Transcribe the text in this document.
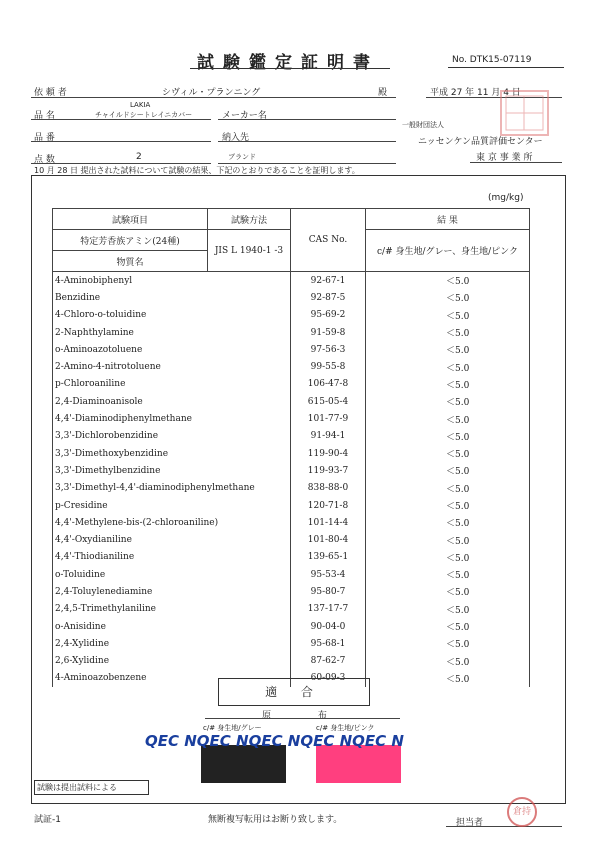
試験鑑定証明書	No. DTK15-07119
依 頼 者	シヴィル・プランニング	殿	平成 27 年 11 月 4 日
品 名
LAKIA
チャイルドシートレイニカバー	メーカー名
品 番	納入先
点 数	2	ブランド
一般財団法人
ニッセンケン品質評価センター
東 京 事 業 所
10 月 28 日 提出された試料について試験の結果、下記のとおりであることを証明します。
(mg/kg)
試験項目	試験方法	CAS No.	結 果
特定芳香族アミン(24種)	JIS L 1940-1 -3		c/# 身生地/グレー、身生地/ピンク
物質名			
4-Aminobiphenyl		92-67-1	＜5.0
Benzidine		92-87-5	＜5.0
4-Chloro-o-toluidine		95-69-2	＜5.0
2-Naphthylamine		91-59-8	＜5.0
o-Aminoazotoluene		97-56-3	＜5.0
2-Amino-4-nitrotoluene		99-55-8	＜5.0
p-Chloroaniline		106-47-8	＜5.0
2,4-Diaminoanisole		615-05-4	＜5.0
4,4'-Diaminodiphenylmethane		101-77-9	＜5.0
3,3'-Dichlorobenzidine		91-94-1	＜5.0
3,3'-Dimethoxybenzidine		119-90-4	＜5.0
3,3'-Dimethylbenzidine		119-93-7	＜5.0
3,3'-Dimethyl-4,4'-diaminodiphenylmethane		838-88-0	＜5.0
p-Cresidine		120-71-8	＜5.0
4,4'-Methylene-bis-(2-chloroaniline)		101-14-4	＜5.0
4,4'-Oxydianiline		101-80-4	＜5.0
4,4'-Thiodianiline		139-65-1	＜5.0
o-Toluidine		95-53-4	＜5.0
2,4-Toluylenediamine		95-80-7	＜5.0
2,4,5-Trimethylaniline		137-17-7	＜5.0
o-Anisidine		90-04-0	＜5.0
2,4-Xylidine		95-68-1	＜5.0
2,6-Xylidine		87-62-7	＜5.0
4-Aminoazobenzene		60-09-3	＜5.0
適 合
原 布
c/# 身生地/グレー	c/# 身生地/ピンク
QEC NQEC NQEC NQEC NQEC N
試験は提出試料による
試証-1	無断複写転用はお断り致します。	担当者
倉持
